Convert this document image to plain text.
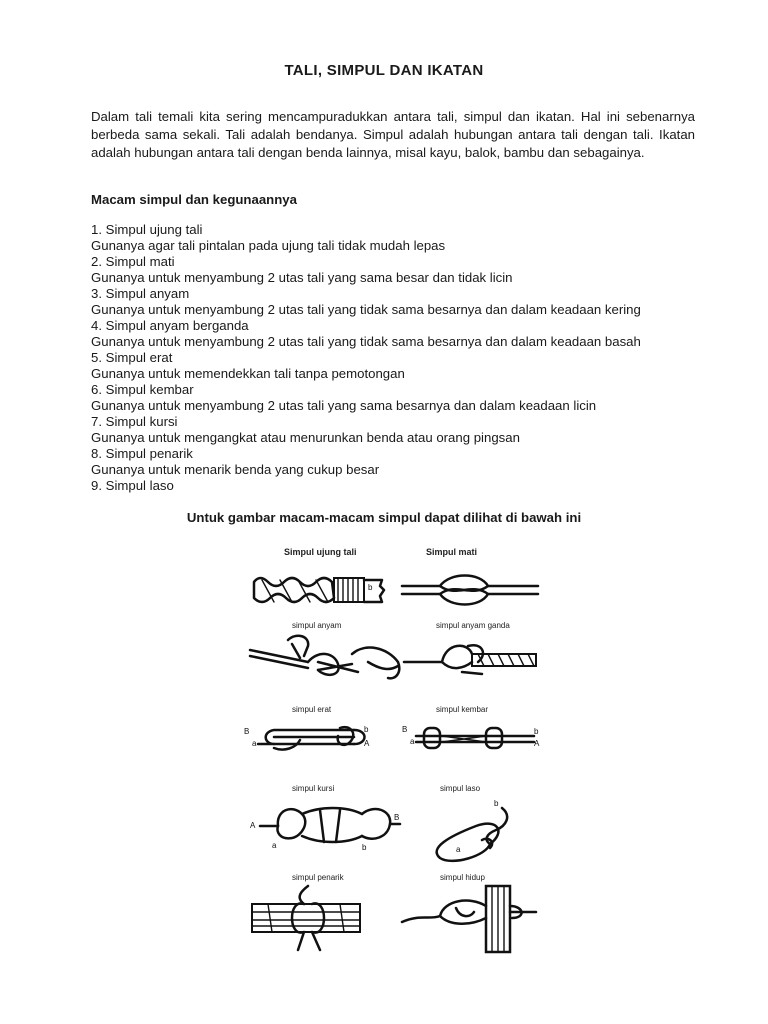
TALI, SIMPUL DAN IKATAN
Dalam tali temali kita sering mencampuradukkan antara tali, simpul dan ikatan. Hal ini sebenarnya berbeda sama sekali. Tali adalah bendanya. Simpul adalah hubungan antara tali dengan tali. Ikatan adalah hubungan antara tali dengan benda lainnya, misal kayu, balok, bambu dan sebagainya.
Macam simpul dan kegunaannya
1. Simpul ujung tali
Gunanya agar tali pintalan pada ujung tali tidak mudah lepas
2. Simpul mati
Gunanya untuk menyambung 2 utas tali yang sama besar dan tidak licin
3. Simpul anyam
Gunanya untuk menyambung 2 utas tali yang tidak sama besarnya dan dalam keadaan kering
4. Simpul anyam berganda
Gunanya untuk menyambung 2 utas tali yang tidak sama besarnya dan dalam keadaan basah
5. Simpul erat
Gunanya untuk memendekkan tali tanpa pemotongan
6. Simpul kembar
Gunanya untuk menyambung 2 utas tali yang sama besarnya dan dalam keadaan licin
7. Simpul kursi
Gunanya untuk mengangkat atau menurunkan benda atau orang pingsan
8. Simpul penarik
Gunanya untuk menarik benda yang cukup besar
9. Simpul laso
Untuk gambar macam-macam simpul dapat dilihat di bawah ini
Simpul ujung tali	Simpul mati
simpul anyam	simpul anyam ganda
simpul erat	simpul kembar
simpul kursi	simpul laso
simpul penarik	simpul hidup
b
B
a
b
A
B
a
b
A
A
B
a	b
b
a
